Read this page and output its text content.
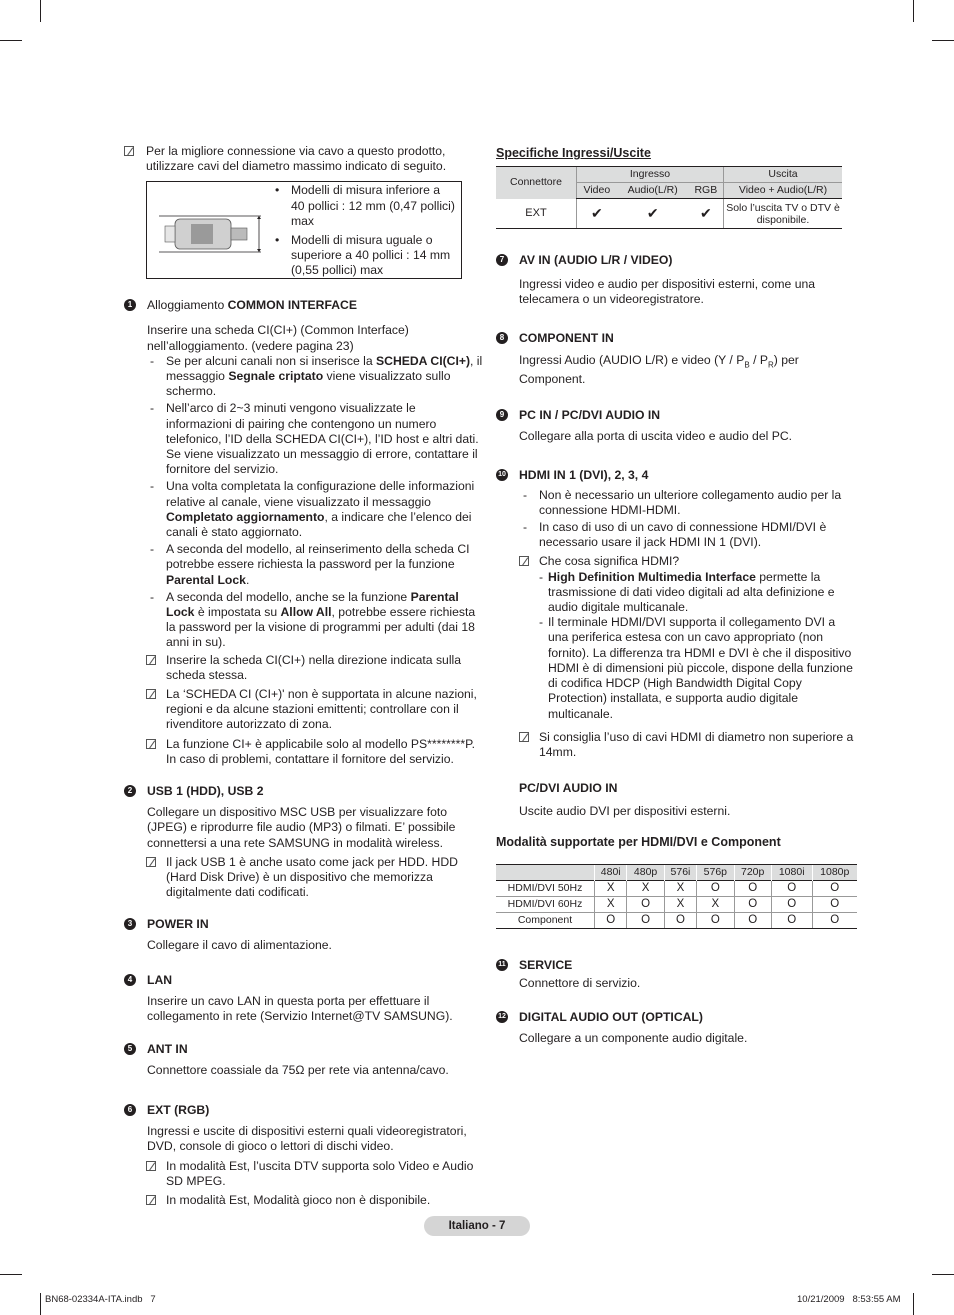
Per la migliore connessione via cavo a questo prodotto, utilizzare cavi del diametro massimo indicato di seguito.

• Modelli di misura inferiore a 40 pollici : 12 mm (0,47 pollici) max
• Modelli di misura uguale o superiore a 40 pollici : 14 mm (0,55 pollici) max

1	Alloggiamento COMMON INTERFACE

Inserire una scheda CI(CI+) (Common Interface) nell’alloggiamento. (vedere pagina 23)

- Se per alcuni canali non si inserisce la SCHEDA CI(CI+), il messaggio Segnale criptato viene visualizzato sullo schermo.

- Nell’arco di 2~3 minuti vengono visualizzate le informazioni di pairing che contengono un numero telefonico, l’ID della SCHEDA CI(CI+), l’ID host e altri dati. Se viene visualizzato un messaggio di errore, contattare il fornitore del servizio.

- Una volta completata la configurazione delle informazioni relative al canale, viene visualizzato il messaggio Completato aggiornamento, a indicare che l’elenco dei canali è stato aggiornato.

- A seconda del modello, al reinserimento della scheda CI potrebbe essere richiesta la password per la funzione Parental Lock.

- A seconda del modello, anche se la funzione Parental Lock è impostata su Allow All, potrebbe essere richiesta la password per la visione di programmi per adulti (dai 18 anni in su).

Inserire la scheda CI(CI+) nella direzione indicata sulla scheda stessa.

La ‘SCHEDA CI (CI+)' non è supportata in alcune nazioni, regioni e da alcune stazioni emittenti; controllare con il rivenditore autorizzato di zona.

La funzione CI+ è applicabile solo al modello PS********P. In caso di problemi, contattare il fornitore del servizio.

2	USB 1 (HDD), USB 2

Collegare un dispositivo MSC USB per visualizzare foto (JPEG) e riprodurre file audio (MP3) o filmati. E’ possibile connettersi a una rete SAMSUNG in modalità wireless.

Il jack USB 1 è anche usato come jack per HDD. HDD (Hard Disk Drive) è un dispositivo che memorizza digitalmente dati codificati.

3	POWER IN

Collegare il cavo di alimentazione.

4	LAN

Inserire un cavo LAN in questa porta per effettuare il collegamento in rete (Servizio Internet@TV SAMSUNG).

5	ANT IN

Connettore coassiale da 75Ω per rete via antenna/cavo.

6	EXT (RGB)

Ingressi e uscite di dispositivi esterni quali videoregistratori, DVD, console di gioco o lettori di dischi video.

In modalità Est, l’uscita DTV supporta solo Video e Audio SD MPEG.

In modalità Est, Modalità gioco non è disponibile.

Specifiche Ingressi/Uscite
Connettore	Ingresso			Uscita
	Video	Audio(L/R)	RGB	Video + Audio(L/R)
EXT	✔	✔	✔	Solo l’uscita TV o DTV è disponibile.

7	AV IN (AUDIO L/R / VIDEO)

Ingressi video e audio per dispositivi esterni, come una telecamera o un videoregistratore.

8	COMPONENT IN

Ingressi Audio (AUDIO L/R) e video $(Y / P_B / P_R)$ per Component.

9	PC IN / PC/DVI AUDIO IN

Collegare alla porta di uscita video e audio del PC.

10 HDMI IN 1 (DVI), 2, 3, 4

- Non è necessario un ulteriore collegamento audio per la connessione HDMI-HDMI.

- In caso di uso di un cavo di connessione HDMI/DVI è necessario usare il jack HDMI IN 1 (DVI).

Che cosa significa HDMI?

- High Definition Multimedia Interface permette la trasmissione di dati video digitali ad alta definizione e audio digitale multicanale.

- Il terminale HDMI/DVI supporta il collegamento DVI a una periferica estesa con un cavo appropriato (non fornito). La differenza tra HDMI e DVI è che il dispositivo HDMI è di dimensioni più piccole, dispone della funzione di codifica HDCP (High Bandwidth Digital Copy Protection) installata, e supporta audio digitale multicanale.

Si consiglia l’uso di cavi HDMI di diametro non superiore a 14mm.

PC/DVI AUDIO IN

Uscite audio DVI per dispositivi esterni.

Modalità supportate per HDMI/DVI e Component
	480i	480p	576i	576p	720p	1080i	1080p
HDMI/DVI 50Hz	X	X	X	O	O	O	O
HDMI/DVI 60Hz	X	O	X	X	O	O	O
Component	O	O	O	O	O	O	O

11 SERVICE

Connettore di servizio.

12 DIGITAL AUDIO OUT (OPTICAL)

Collegare a un componente audio digitale.

Italiano - 7
BN68-02334A-ITA.indb   7	10/21/2009   8:53:55 AM
